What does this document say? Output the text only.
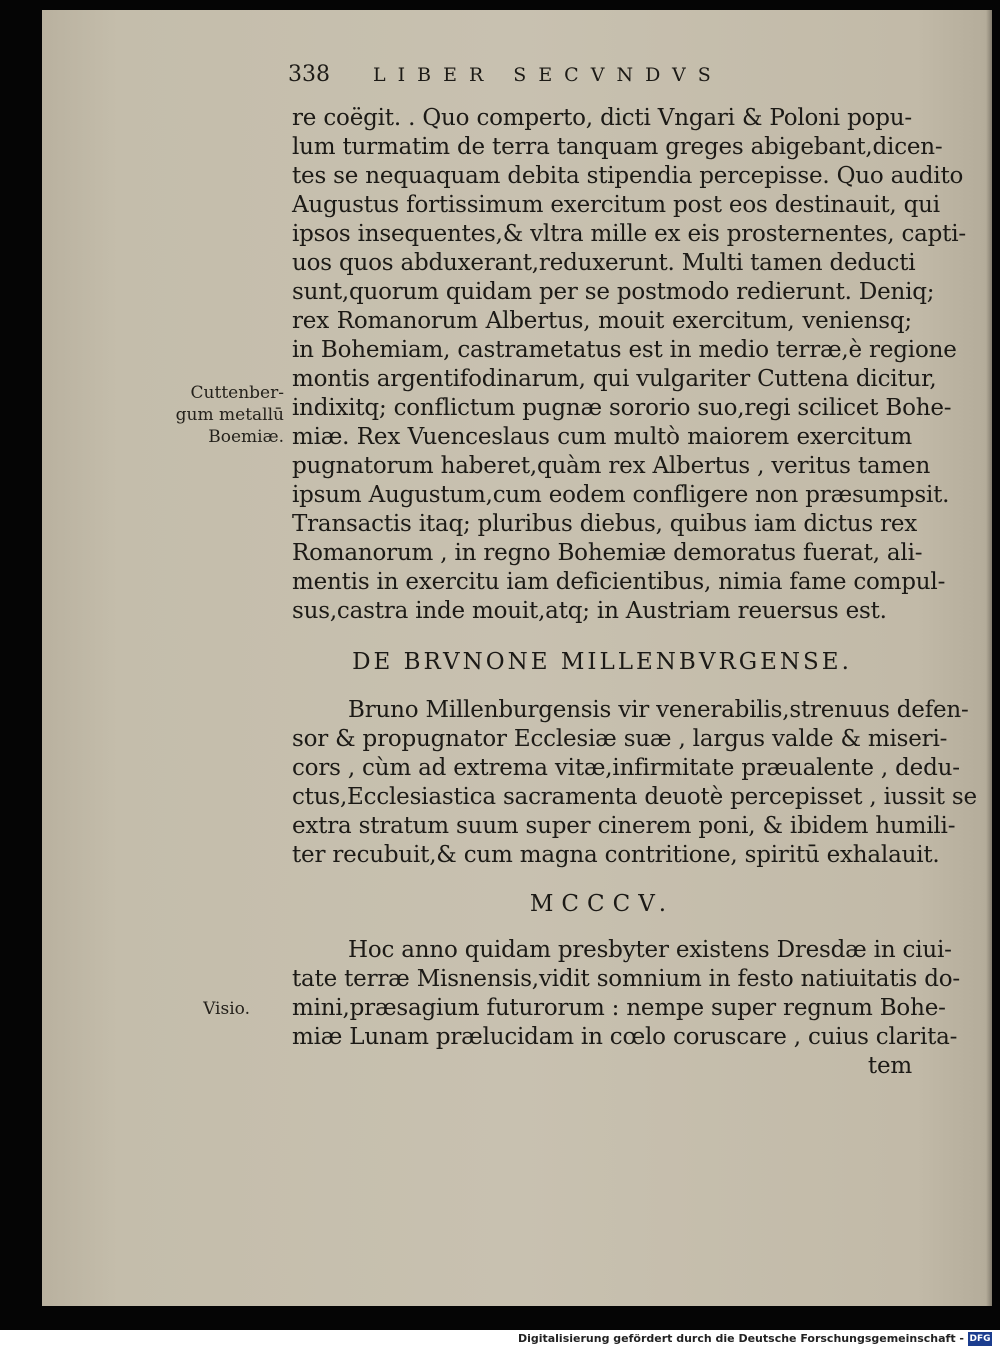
338 LIBER SECVNDVS
Cuttenber-
gum metallū
Boemiæ.
Visio.
re coëgit. . Quo comperto, dicti Vngari & Poloni popu-
lum turmatim de terra tanquam greges abigebant,dicen-
tes se nequaquam debita stipendia percepisse. Quo audito
Augustus fortissimum exercitum post eos destinauit, qui
ipsos insequentes,& vltra mille ex eis prosternentes, capti-
uos quos abduxerant,reduxerunt. Multi tamen deducti
sunt,quorum quidam per se postmodo redierunt. Deniq;
rex Romanorum Albertus, mouit exercitum, veniensq;
in Bohemiam, castrametatus est in medio terræ,è regione
montis argentifodinarum, qui vulgariter Cuttena dicitur,
indixitq; conflictum pugnæ sororio suo,regi scilicet Bohe-
miæ. Rex Vuenceslaus cum multò maiorem exercitum
pugnatorum haberet,quàm rex Albertus , veritus tamen
ipsum Augustum,cum eodem confligere non præsumpsit.
Transactis itaq; pluribus diebus, quibus iam dictus rex
Romanorum , in regno Bohemiæ demoratus fuerat, ali-
mentis in exercitu iam deficientibus, nimia fame compul-
sus,castra inde mouit,atq; in Austriam reuersus est.
DE BRVNONE MILLENBVRGENSE.
Bruno Millenburgensis vir venerabilis,strenuus defen-
sor & propugnator Ecclesiæ suæ , largus valde & miseri-
cors , cùm ad extrema vitæ,infirmitate præualente , dedu-
ctus,Ecclesiastica sacramenta deuotè percepisset , iussit se
extra stratum suum super cinerem poni, & ibidem humili-
ter recubuit,& cum magna contritione, spiritū exhalauit.
MCCCV.
Hoc anno quidam presbyter existens Dresdæ in ciui-
tate terræ Misnensis,vidit somnium in festo natiuitatis do-
mini,præsagium futurorum : nempe super regnum Bohe-
miæ Lunam prælucidam in cœlo coruscare , cuius clarita-
tem
Digitalisierung gefördert durch die Deutsche Forschungsgemeinschaft - DFG
